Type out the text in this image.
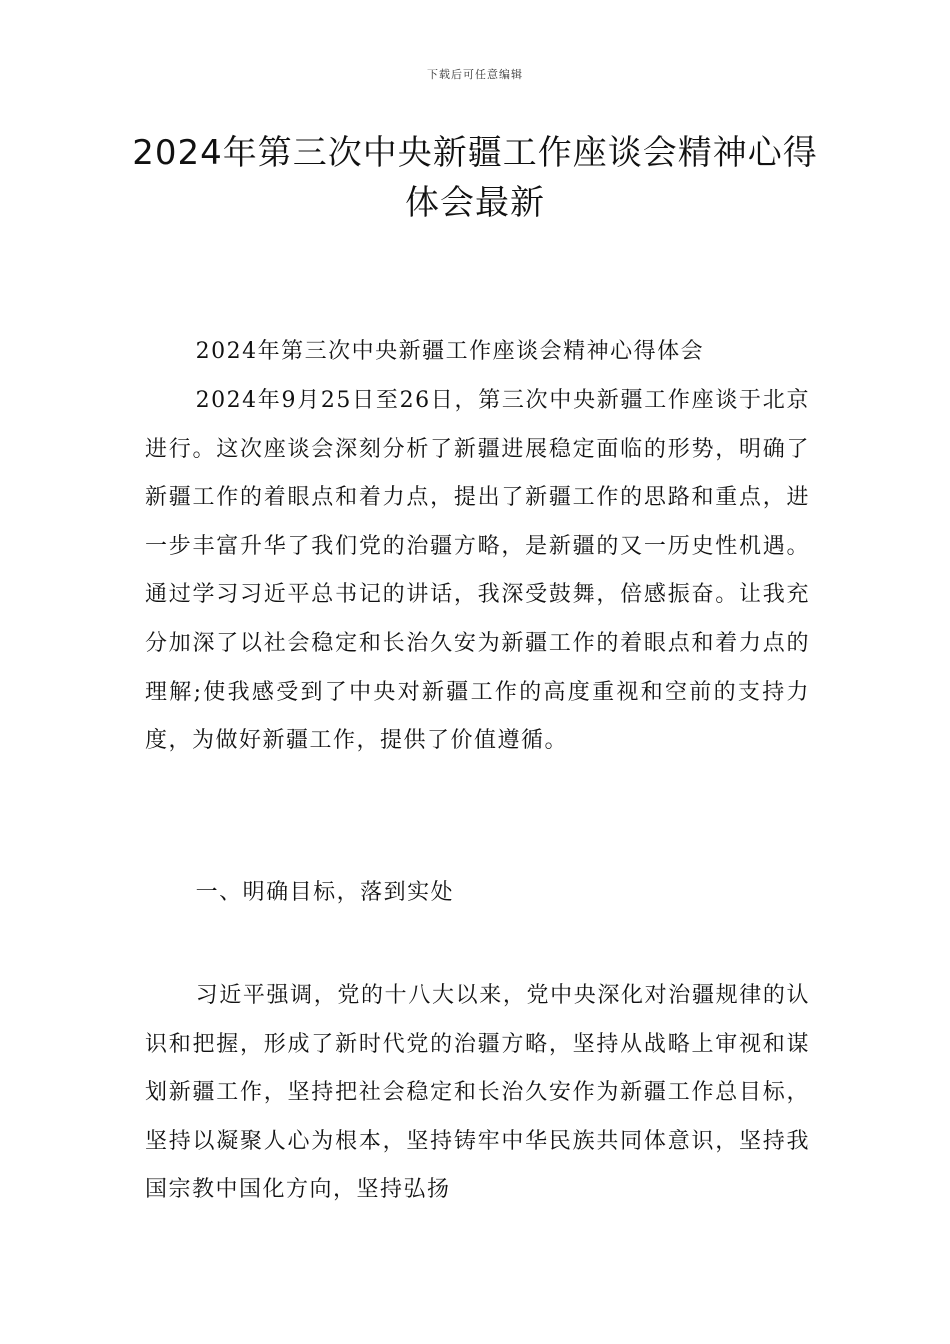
下载后可任意编辑
2024年第三次中央新疆工作座谈会精神心得体会最新

2024年第三次中央新疆工作座谈会精神心得体会

2024年9月25日至26日，第三次中央新疆工作座谈于北京进行。这次座谈会深刻分析了新疆进展稳定面临的形势，明确了新疆工作的着眼点和着力点，提出了新疆工作的思路和重点，进一步丰富升华了我们党的治疆方略，是新疆的又一历史性机遇。通过学习习近平总书记的讲话，我深受鼓舞，倍感振奋。让我充分加深了以社会稳定和长治久安为新疆工作的着眼点和着力点的理解;使我感受到了中央对新疆工作的高度重视和空前的支持力度，为做好新疆工作，提供了价值遵循。

一、明确目标，落到实处

习近平强调，党的十八大以来，党中央深化对治疆规律的认识和把握，形成了新时代党的治疆方略，坚持从战略上审视和谋划新疆工作，坚持把社会稳定和长治久安作为新疆工作总目标，坚持以凝聚人心为根本，坚持铸牢中华民族共同体意识，坚持我国宗教中国化方向，坚持弘扬
